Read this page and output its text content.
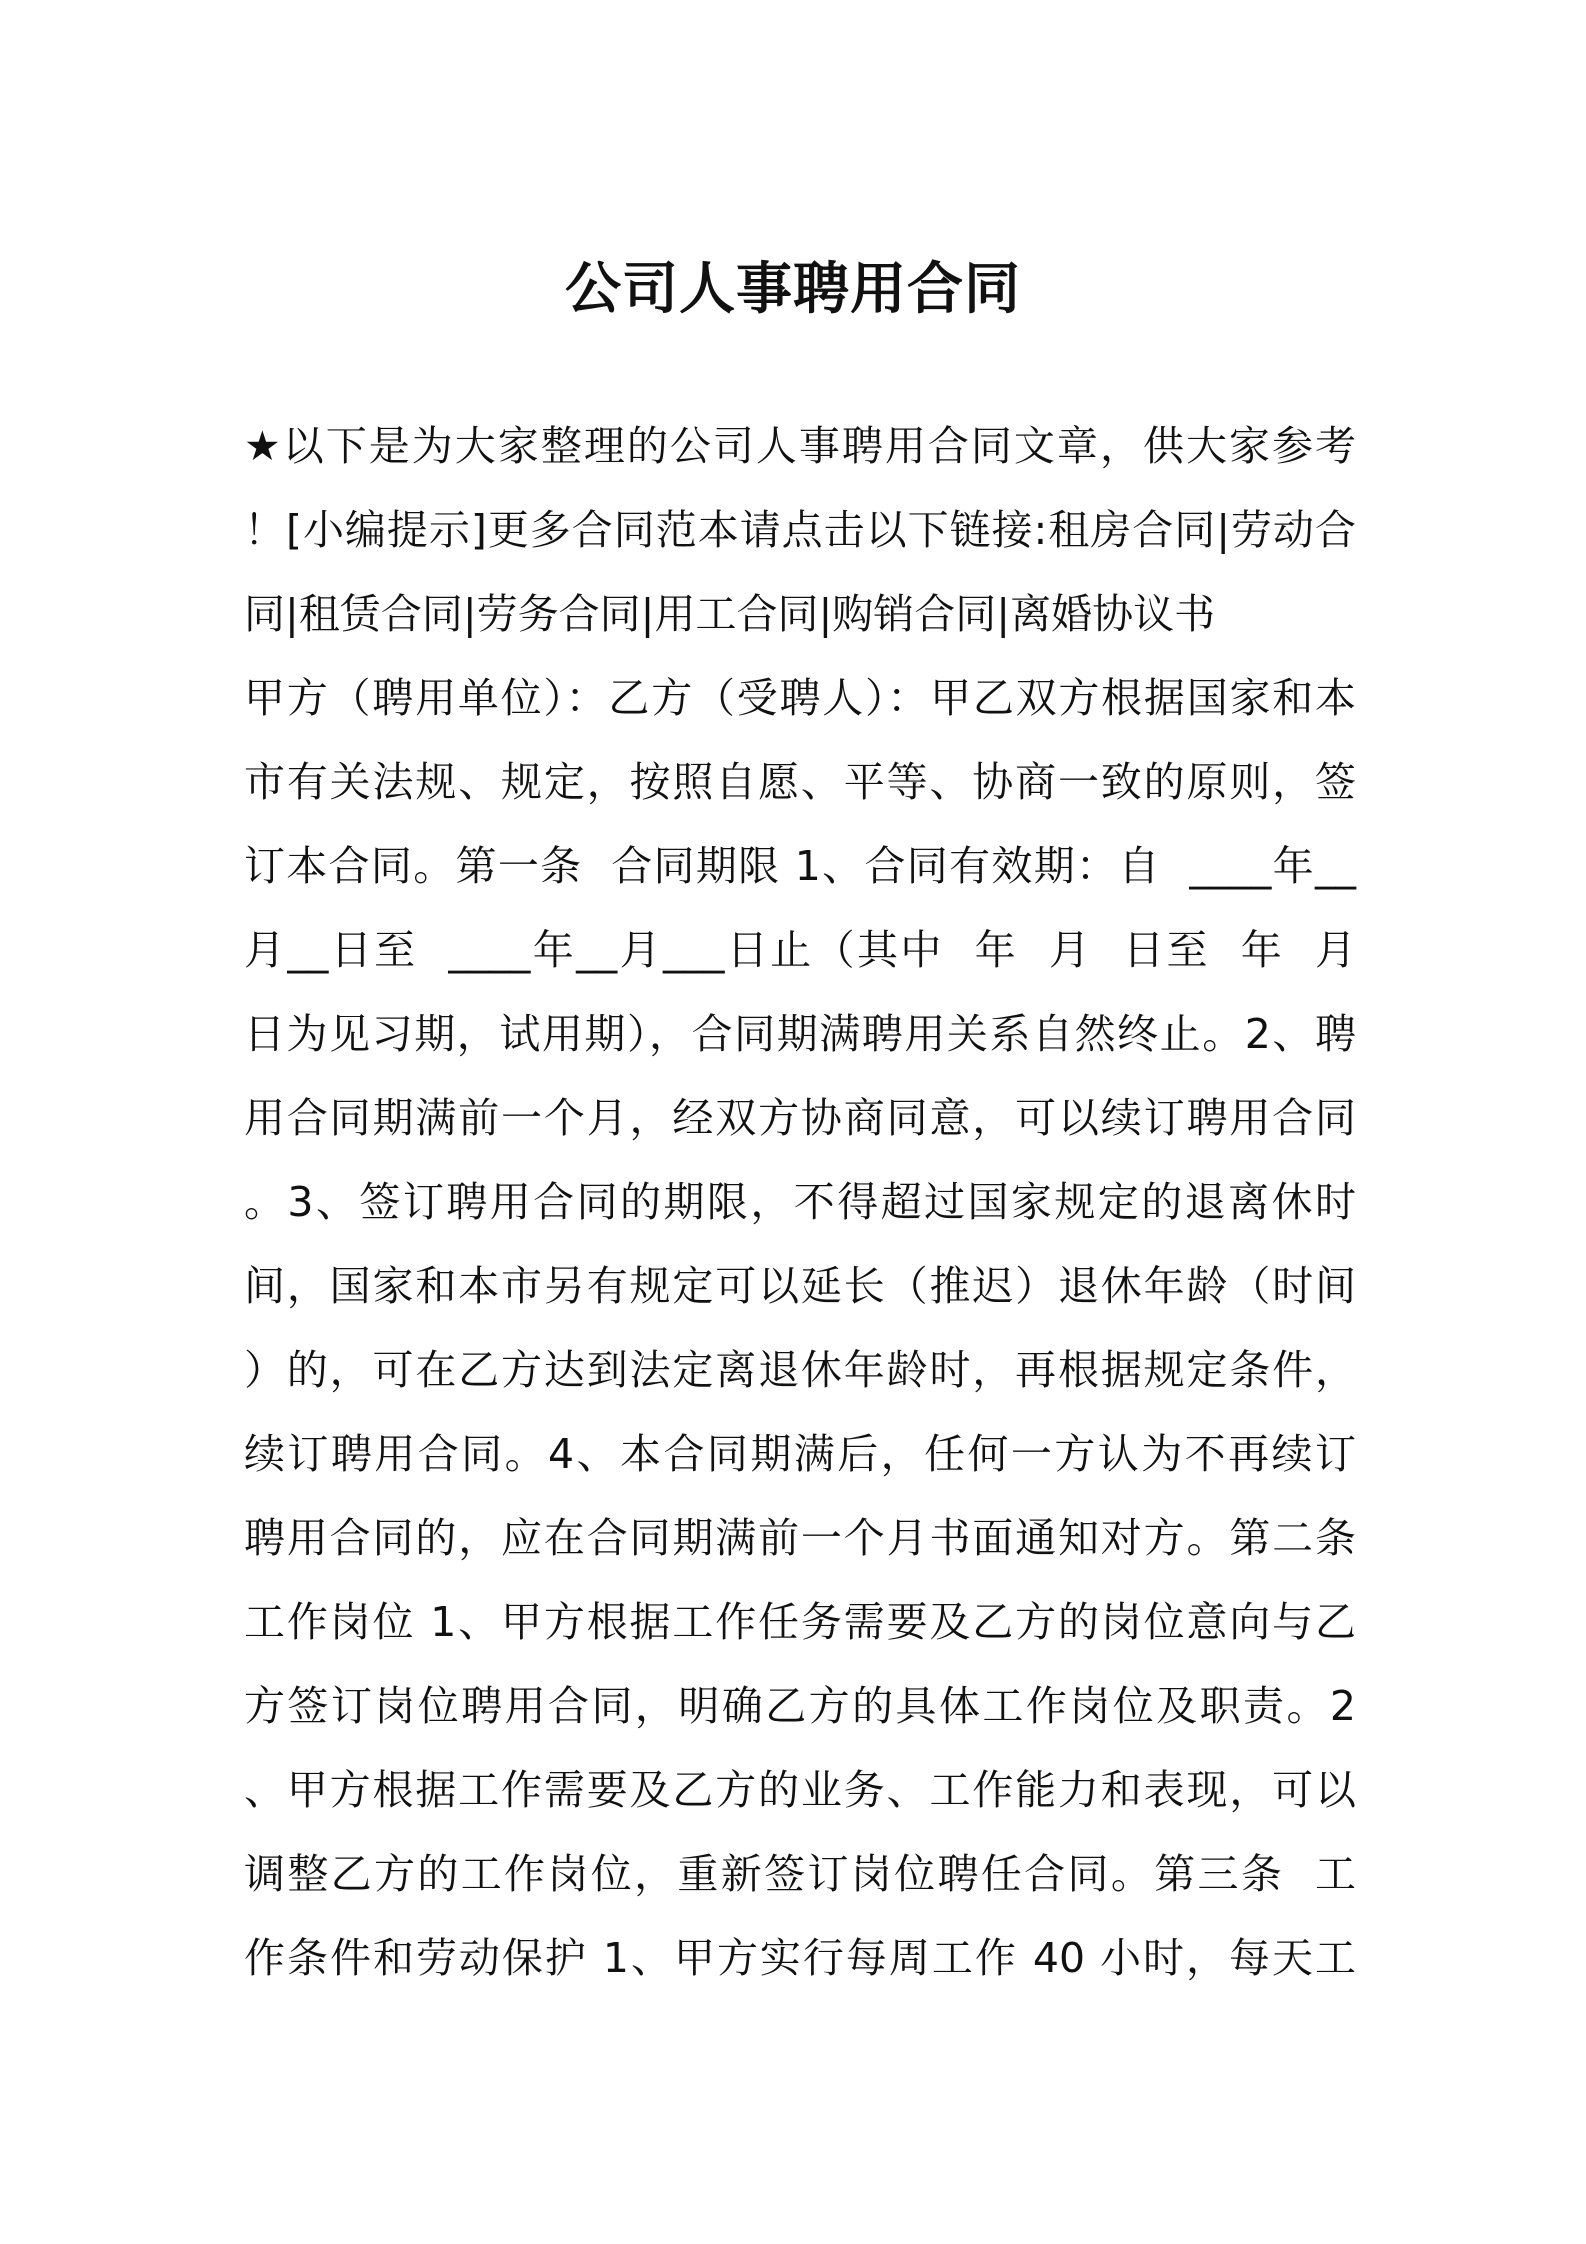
公司人事聘用合同
★以下是为大家整理的公司人事聘用合同文章，供大家参考
！[小编提示]更多合同范本请点击以下链接:租房合同|劳动合
同|租赁合同|劳务合同|用工合同|购销合同|离婚协议书
甲方（聘用单位）：乙方（受聘人）：甲乙双方根据国家和本
市有关法规、规定，按照自愿、平等、协商一致的原则，签
订本合同。第一条  合同期限 1、合同有效期：自  ____年__
月__日至  ____年__月___日止（其中  年  月  日至  年  月
日为见习期，试用期），合同期满聘用关系自然终止。2、聘
用合同期满前一个月，经双方协商同意，可以续订聘用合同
。3、签订聘用合同的期限，不得超过国家规定的退离休时
间，国家和本市另有规定可以延长（推迟）退休年龄（时间
）的，可在乙方达到法定离退休年龄时，再根据规定条件，
续订聘用合同。4、本合同期满后，任何一方认为不再续订
聘用合同的，应在合同期满前一个月书面通知对方。第二条
工作岗位 1、甲方根据工作任务需要及乙方的岗位意向与乙
方签订岗位聘用合同，明确乙方的具体工作岗位及职责。2
、甲方根据工作需要及乙方的业务、工作能力和表现，可以
调整乙方的工作岗位，重新签订岗位聘任合同。第三条  工
作条件和劳动保护 1、甲方实行每周工作 40 小时，每天工
